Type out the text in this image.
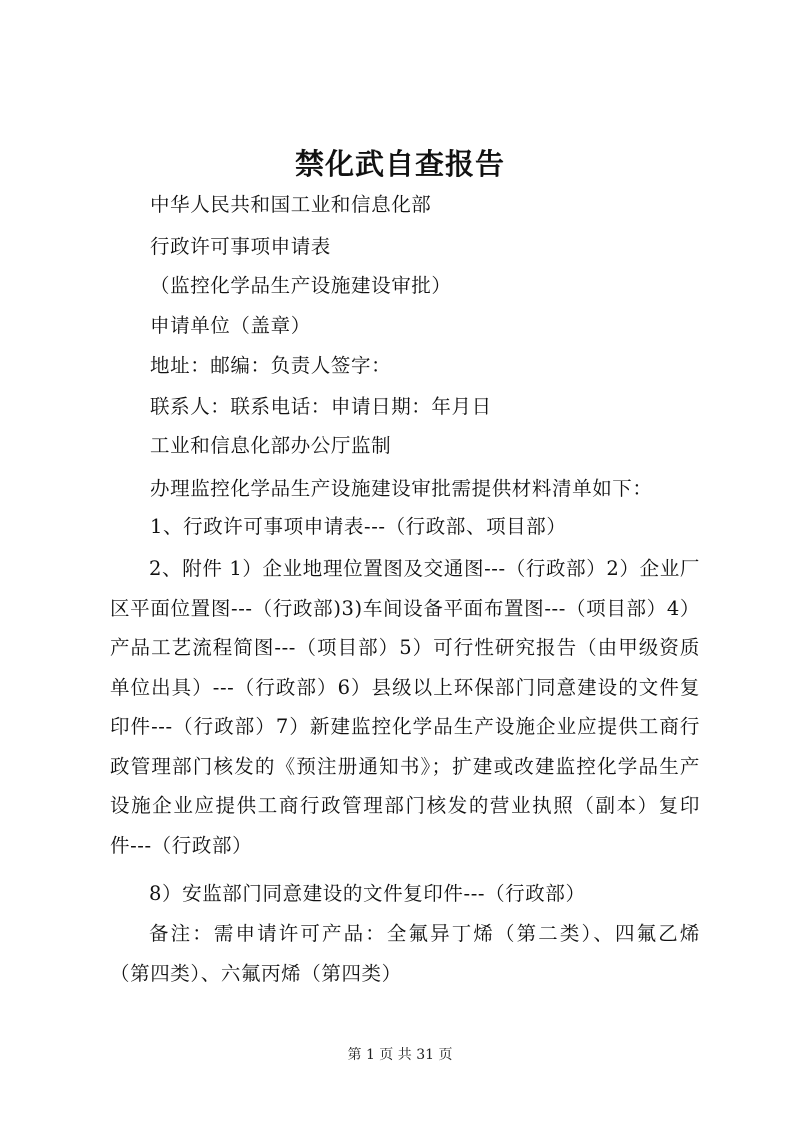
禁化武自查报告
中华人民共和国工业和信息化部
行政许可事项申请表
（监控化学品生产设施建设审批）
申请单位（盖章）
地址：邮编：负责人签字：
联系人：联系电话：申请日期：年月日
工业和信息化部办公厅监制
办理监控化学品生产设施建设审批需提供材料清单如下：
1、行政许可事项申请表---（行政部、项目部）
2、附件 1）企业地理位置图及交通图---（行政部）2）企业厂区平面位置图---（行政部)3)车间设备平面布置图---（项目部）4）产品工艺流程简图---（项目部）5）可行性研究报告（由甲级资质单位出具）---（行政部）6）县级以上环保部门同意建设的文件复印件---（行政部）7）新建监控化学品生产设施企业应提供工商行政管理部门核发的《预注册通知书》；扩建或改建监控化学品生产设施企业应提供工商行政管理部门核发的营业执照（副本）复印件---（行政部）
8）安监部门同意建设的文件复印件---（行政部）
备注：需申请许可产品：全氟异丁烯（第二类）、四氟乙烯（第四类）、六氟丙烯（第四类）
第 1 页 共 31 页
